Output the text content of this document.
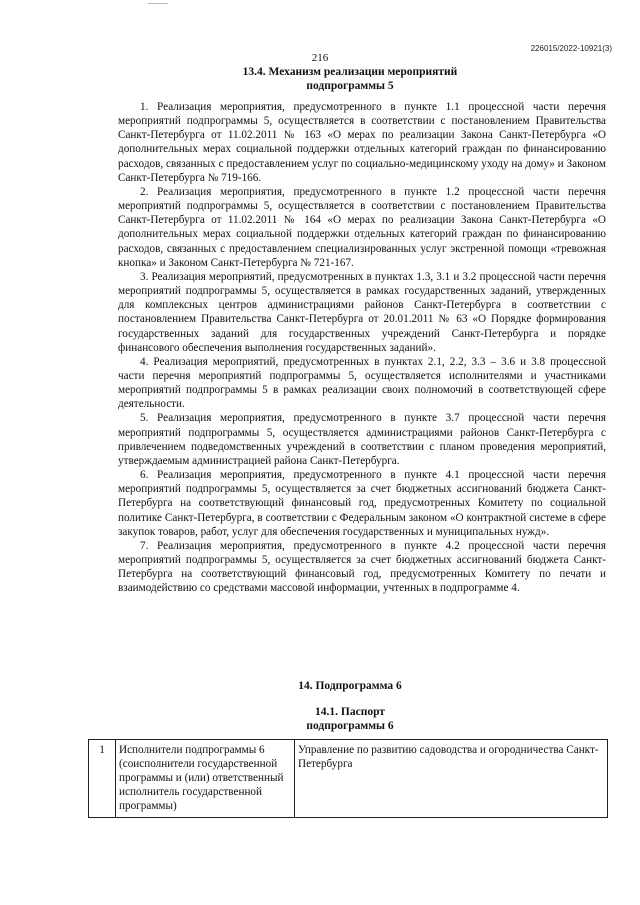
226015/2022-10921(3)
216
13.4. Механизм реализации мероприятий
подпрограммы 5

1. Реализация мероприятия, предусмотренного в пункте 1.1 процессной части перечня мероприятий подпрограммы 5, осуществляется в соответствии с постановлением Правительства Санкт-Петербурга от 11.02.2011 № 163 «О мерах по реализации Закона Санкт-Петербурга «О дополнительных мерах социальной поддержки отдельных категорий граждан по финансированию расходов, связанных с предоставлением услуг по социально-медицинскому уходу на дому» и Законом Санкт-Петербурга № 719-166.

2. Реализация мероприятия, предусмотренного в пункте 1.2 процессной части перечня мероприятий подпрограммы 5, осуществляется в соответствии с постановлением Правительства Санкт-Петербурга от 11.02.2011 № 164 «О мерах по реализации Закона Санкт-Петербурга «О дополнительных мерах социальной поддержки отдельных категорий граждан по финансированию расходов, связанных с предоставлением специализированных услуг экстренной помощи «тревожная кнопка» и Законом Санкт-Петербурга № 721-167.

3. Реализация мероприятий, предусмотренных в пунктах 1.3, 3.1 и 3.2 процессной части перечня мероприятий подпрограммы 5, осуществляется в рамках государственных заданий, утвержденных для комплексных центров администрациями районов Санкт-Петербурга в соответствии с постановлением Правительства Санкт-Петербурга от 20.01.2011 № 63 «О Порядке формирования государственных заданий для государственных учреждений Санкт-Петербурга и порядке финансового обеспечения выполнения государственных заданий».

4. Реализация мероприятий, предусмотренных в пунктах 2.1, 2.2, 3.3 – 3.6 и 3.8 процессной части перечня мероприятий подпрограммы 5, осуществляется исполнителями и участниками мероприятий подпрограммы 5 в рамках реализации своих полномочий в соответствующей сфере деятельности.

5. Реализация мероприятия, предусмотренного в пункте 3.7 процессной части перечня мероприятий подпрограммы 5, осуществляется администрациями районов Санкт-Петербурга с привлечением подведомственных учреждений в соответствии с планом проведения мероприятий, утверждаемым администрацией района Санкт-Петербурга.

6. Реализация мероприятия, предусмотренного в пункте 4.1 процессной части перечня мероприятий подпрограммы 5, осуществляется за счет бюджетных ассигнований бюджета Санкт-Петербурга на соответствующий финансовый год, предусмотренных Комитету по социальной политике Санкт-Петербурга, в соответствии с Федеральным законом «О контрактной системе в сфере закупок товаров, работ, услуг для обеспечения государственных и муниципальных нужд».

7. Реализация мероприятия, предусмотренного в пункте 4.2 процессной части перечня мероприятий подпрограммы 5, осуществляется за счет бюджетных ассигнований бюджета Санкт-Петербурга на соответствующий финансовый год, предусмотренных Комитету по печати и взаимодействию со средствами массовой информации, учтенных в подпрограмме 4.

14. Подпрограмма 6
14.1. Паспорт
подпрограммы 6
1	Исполнители подпрограммы 6 (соисполнители государственной программы и (или) ответственный исполнитель государственной программы)	Управление по развитию садоводства и огородничества Санкт-Петербурга
